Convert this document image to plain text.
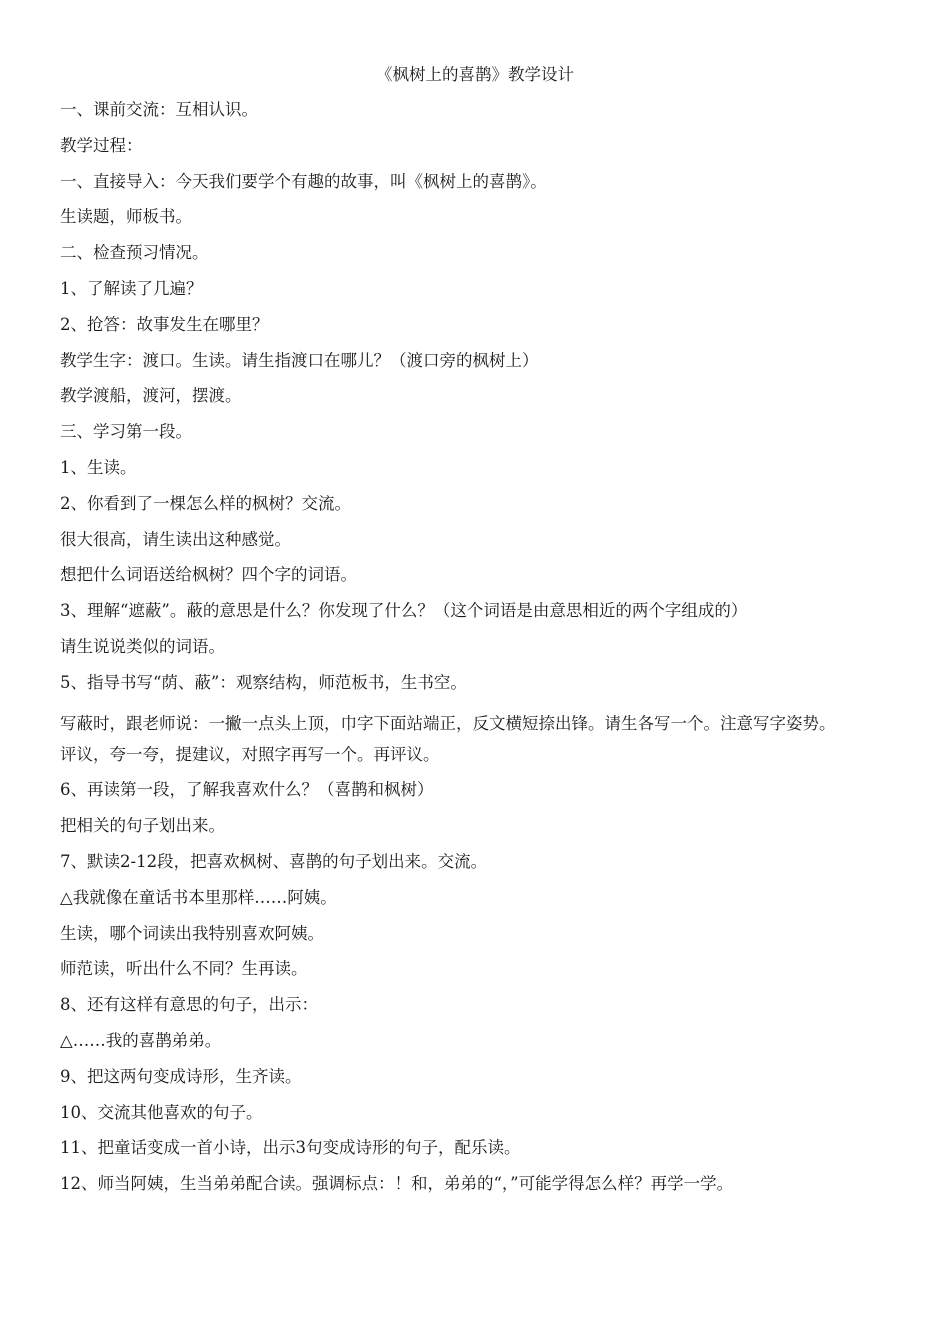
《枫树上的喜鹊》教学设计

一、课前交流：互相认识。

教学过程：

一、直接导入：今天我们要学个有趣的故事，叫《枫树上的喜鹊》。

生读题，师板书。

二、检查预习情况。

1、了解读了几遍？

2、抢答：故事发生在哪里？

教学生字：渡口。生读。请生指渡口在哪儿？（渡口旁的枫树上）

教学渡船，渡河，摆渡。

三、学习第一段。

1、生读。

2、你看到了一棵怎么样的枫树？交流。

很大很高，请生读出这种感觉。

想把什么词语送给枫树？四个字的词语。

3、理解“遮蔽”。蔽的意思是什么？你发现了什么？（这个词语是由意思相近的两个字组成的）

请生说说类似的词语。

5、指导书写“荫、蔽”：观察结构，师范板书，生书空。

写蔽时，跟老师说：一撇一点头上顶，巾字下面站端正，反文横短捺出锋。请生各写一个。注意写字姿势。

评议，夸一夸，提建议，对照字再写一个。再评议。

6、再读第一段，了解我喜欢什么？（喜鹊和枫树）

把相关的句子划出来。

7、默读2-12段，把喜欢枫树、喜鹊的句子划出来。交流。

△我就像在童话书本里那样……阿姨。

生读，哪个词读出我特别喜欢阿姨。

师范读，听出什么不同？生再读。

8、还有这样有意思的句子，出示：

△……我的喜鹊弟弟。

9、把这两句变成诗形，生齐读。

10、交流其他喜欢的句子。

11、把童话变成一首小诗，出示3句变成诗形的句子，配乐读。

12、师当阿姨，生当弟弟配合读。强调标点：！和，弟弟的“，”可能学得怎么样？再学一学。
